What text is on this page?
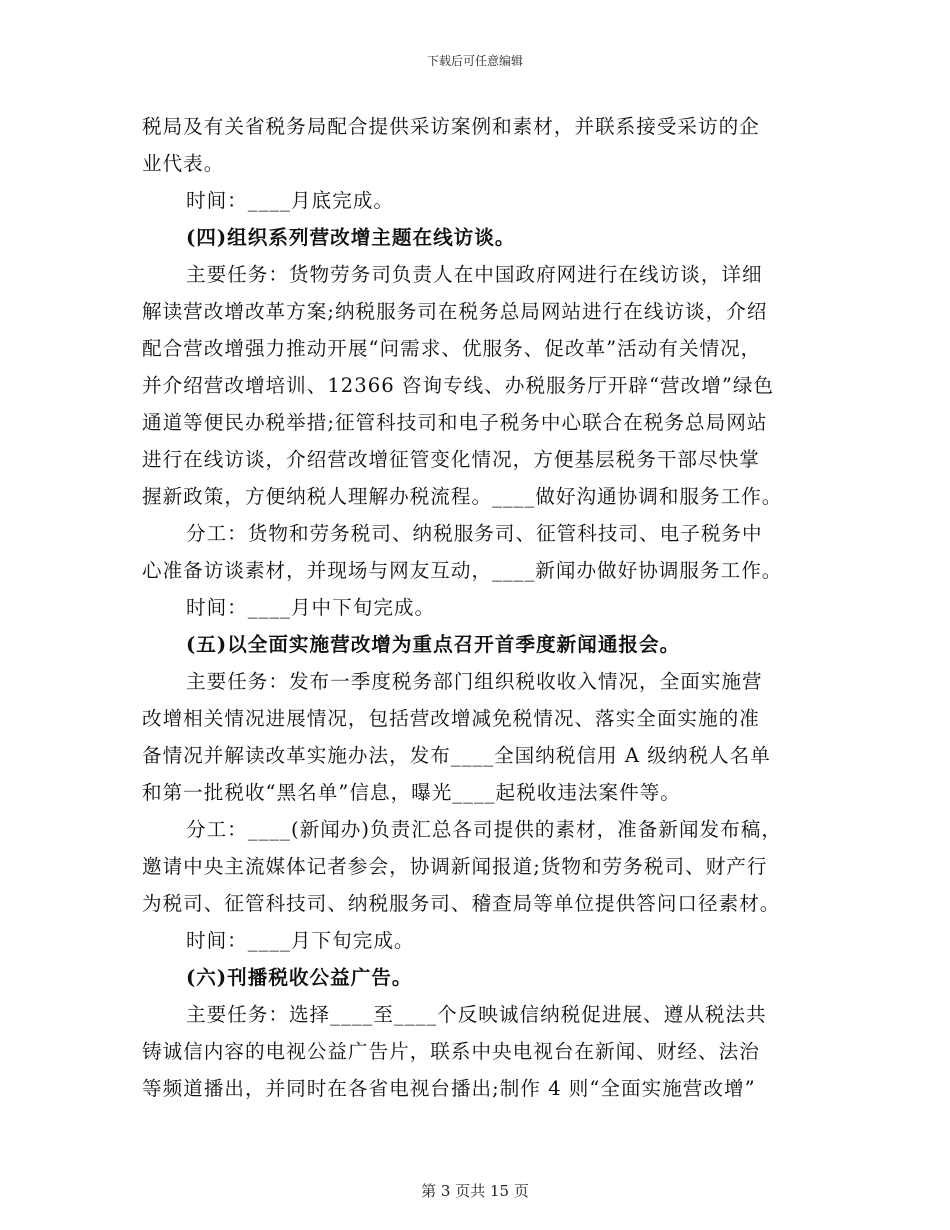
下载后可任意编辑

税局及有关省税务局配合提供采访案例和素材，并联系接受采访的企

业代表。

时间：____月底完成。

(四)组织系列营改增主题在线访谈。

主要任务：货物劳务司负责人在中国政府网进行在线访谈，详细

解读营改增改革方案;纳税服务司在税务总局网站进行在线访谈，介绍

配合营改增强力推动开展“问需求、优服务、促改革”活动有关情况，

并介绍营改增培训、12366 咨询专线、办税服务厅开辟“营改增”绿色

通道等便民办税举措;征管科技司和电子税务中心联合在税务总局网站

进行在线访谈，介绍营改增征管变化情况，方便基层税务干部尽快掌

握新政策，方便纳税人理解办税流程。____做好沟通协调和服务工作。

分工：货物和劳务税司、纳税服务司、征管科技司、电子税务中

心准备访谈素材，并现场与网友互动，____新闻办做好协调服务工作。

时间：____月中下旬完成。

(五)以全面实施营改增为重点召开首季度新闻通报会。

主要任务：发布一季度税务部门组织税收收入情况，全面实施营

改增相关情况进展情况，包括营改增减免税情况、落实全面实施的准

备情况并解读改革实施办法，发布____全国纳税信用 A 级纳税人名单

和第一批税收“黑名单”信息，曝光____起税收违法案件等。

分工：____(新闻办)负责汇总各司提供的素材，准备新闻发布稿，

邀请中央主流媒体记者参会，协调新闻报道;货物和劳务税司、财产行

为税司、征管科技司、纳税服务司、稽查局等单位提供答问口径素材。

时间：____月下旬完成。

(六)刊播税收公益广告。

主要任务：选择____至____个反映诚信纳税促进展、遵从税法共

铸诚信内容的电视公益广告片，联系中央电视台在新闻、财经、法治

等频道播出，并同时在各省电视台播出;制作 4 则“全面实施营改增”

第 3 页共 15 页
